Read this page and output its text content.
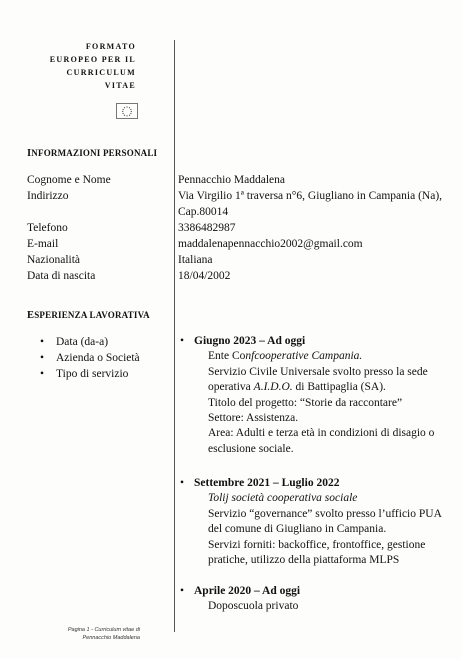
FORMATO
EUROPEO PER IL
CURRICULUM
VITAE
INFORMAZIONI PERSONALI
Cognome e Nome	Pennacchio Maddalena
Indirizzo	Via Virgilio 1ª traversa n°6, Giugliano in Campania (Na),
Cap.80014
Telefono	3386482987
E-mail	maddalenapennacchio2002@gmail.com
Nazionalità	Italiana
Data di nascita	18/04/2002
ESPERIENZA LAVORATIVA
• Data (da-a)
• Azienda o Società
• Tipo di servizio
• Giugno 2023 – Ad oggi
Ente Confcooperative Campania.
Servizio Civile Universale svolto presso la sede
operativa A.I.D.O. di Battipaglia (SA).
Titolo del progetto: “Storie da raccontare”
Settore: Assistenza.
Area: Adulti e terza età in condizioni di disagio o
esclusione sociale.
• Settembre 2021 – Luglio 2022
Tolij società cooperativa sociale
Servizio “governance” svolto presso l’ufficio PUA
del comune di Giugliano in Campania.
Servizi forniti: backoffice, frontoffice, gestione
pratiche, utilizzo della piattaforma MLPS
• Aprile 2020 – Ad oggi
Doposcuola privato
Pagina 1 - Curriculum vitae di
Pennacchio Maddalena
